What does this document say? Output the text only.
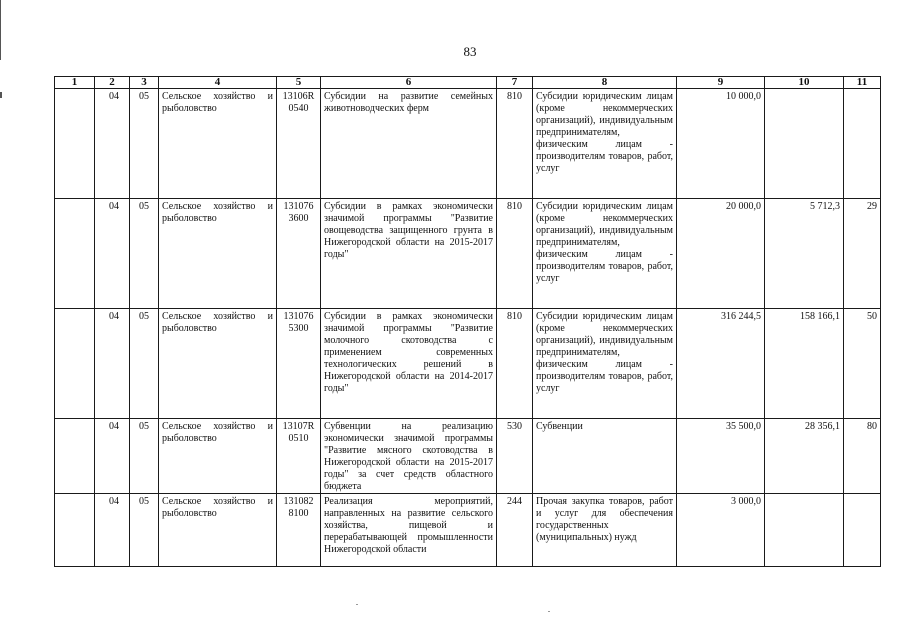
83
1	2	3	4	5	6	7	8	9	10	11
	04	05	Сельское хозяйство и рыболовство	13106R 0540	Субсидии на развитие семейных животноводческих ферм	810	Субсидии юридическим лицам (кроме некоммерческих организаций), индивидуальным предпринимателям, физическим лицам - производителям товаров, работ, услуг	10 000,0		
	04	05	Сельское хозяйство и рыболовство	131076 3600	Субсидии в рамках экономически значимой программы "Развитие овощеводства защищенного грунта в Нижегородской области на 2015-2017 годы"	810	Субсидии юридическим лицам (кроме некоммерческих организаций), индивидуальным предпринимателям, физическим лицам - производителям товаров, работ, услуг	20 000,0	5 712,3	29
	04	05	Сельское хозяйство и рыболовство	131076 5300	Субсидии в рамках экономически значимой программы "Развитие молочного скотоводства с применением современных технологических решений в Нижегородской области на 2014-2017 годы"	810	Субсидии юридическим лицам (кроме некоммерческих организаций), индивидуальным предпринимателям, физическим лицам - производителям товаров, работ, услуг	316 244,5	158 166,1	50
	04	05	Сельское хозяйство и рыболовство	13107R 0510	Субвенции на реализацию экономически значимой программы "Развитие мясного скотоводства в Нижегородской области на 2015-2017 годы" за счет средств областного бюджета	530	Субвенции	35 500,0	28 356,1	80
	04	05	Сельское хозяйство и рыболовство	131082 8100	Реализация мероприятий, направленных на развитие сельского хозяйства, пищевой и перерабатывающей промышленности Нижегородской области	244	Прочая закупка товаров, работ и услуг для обеспечения государственных (муниципальных) нужд	3 000,0		
